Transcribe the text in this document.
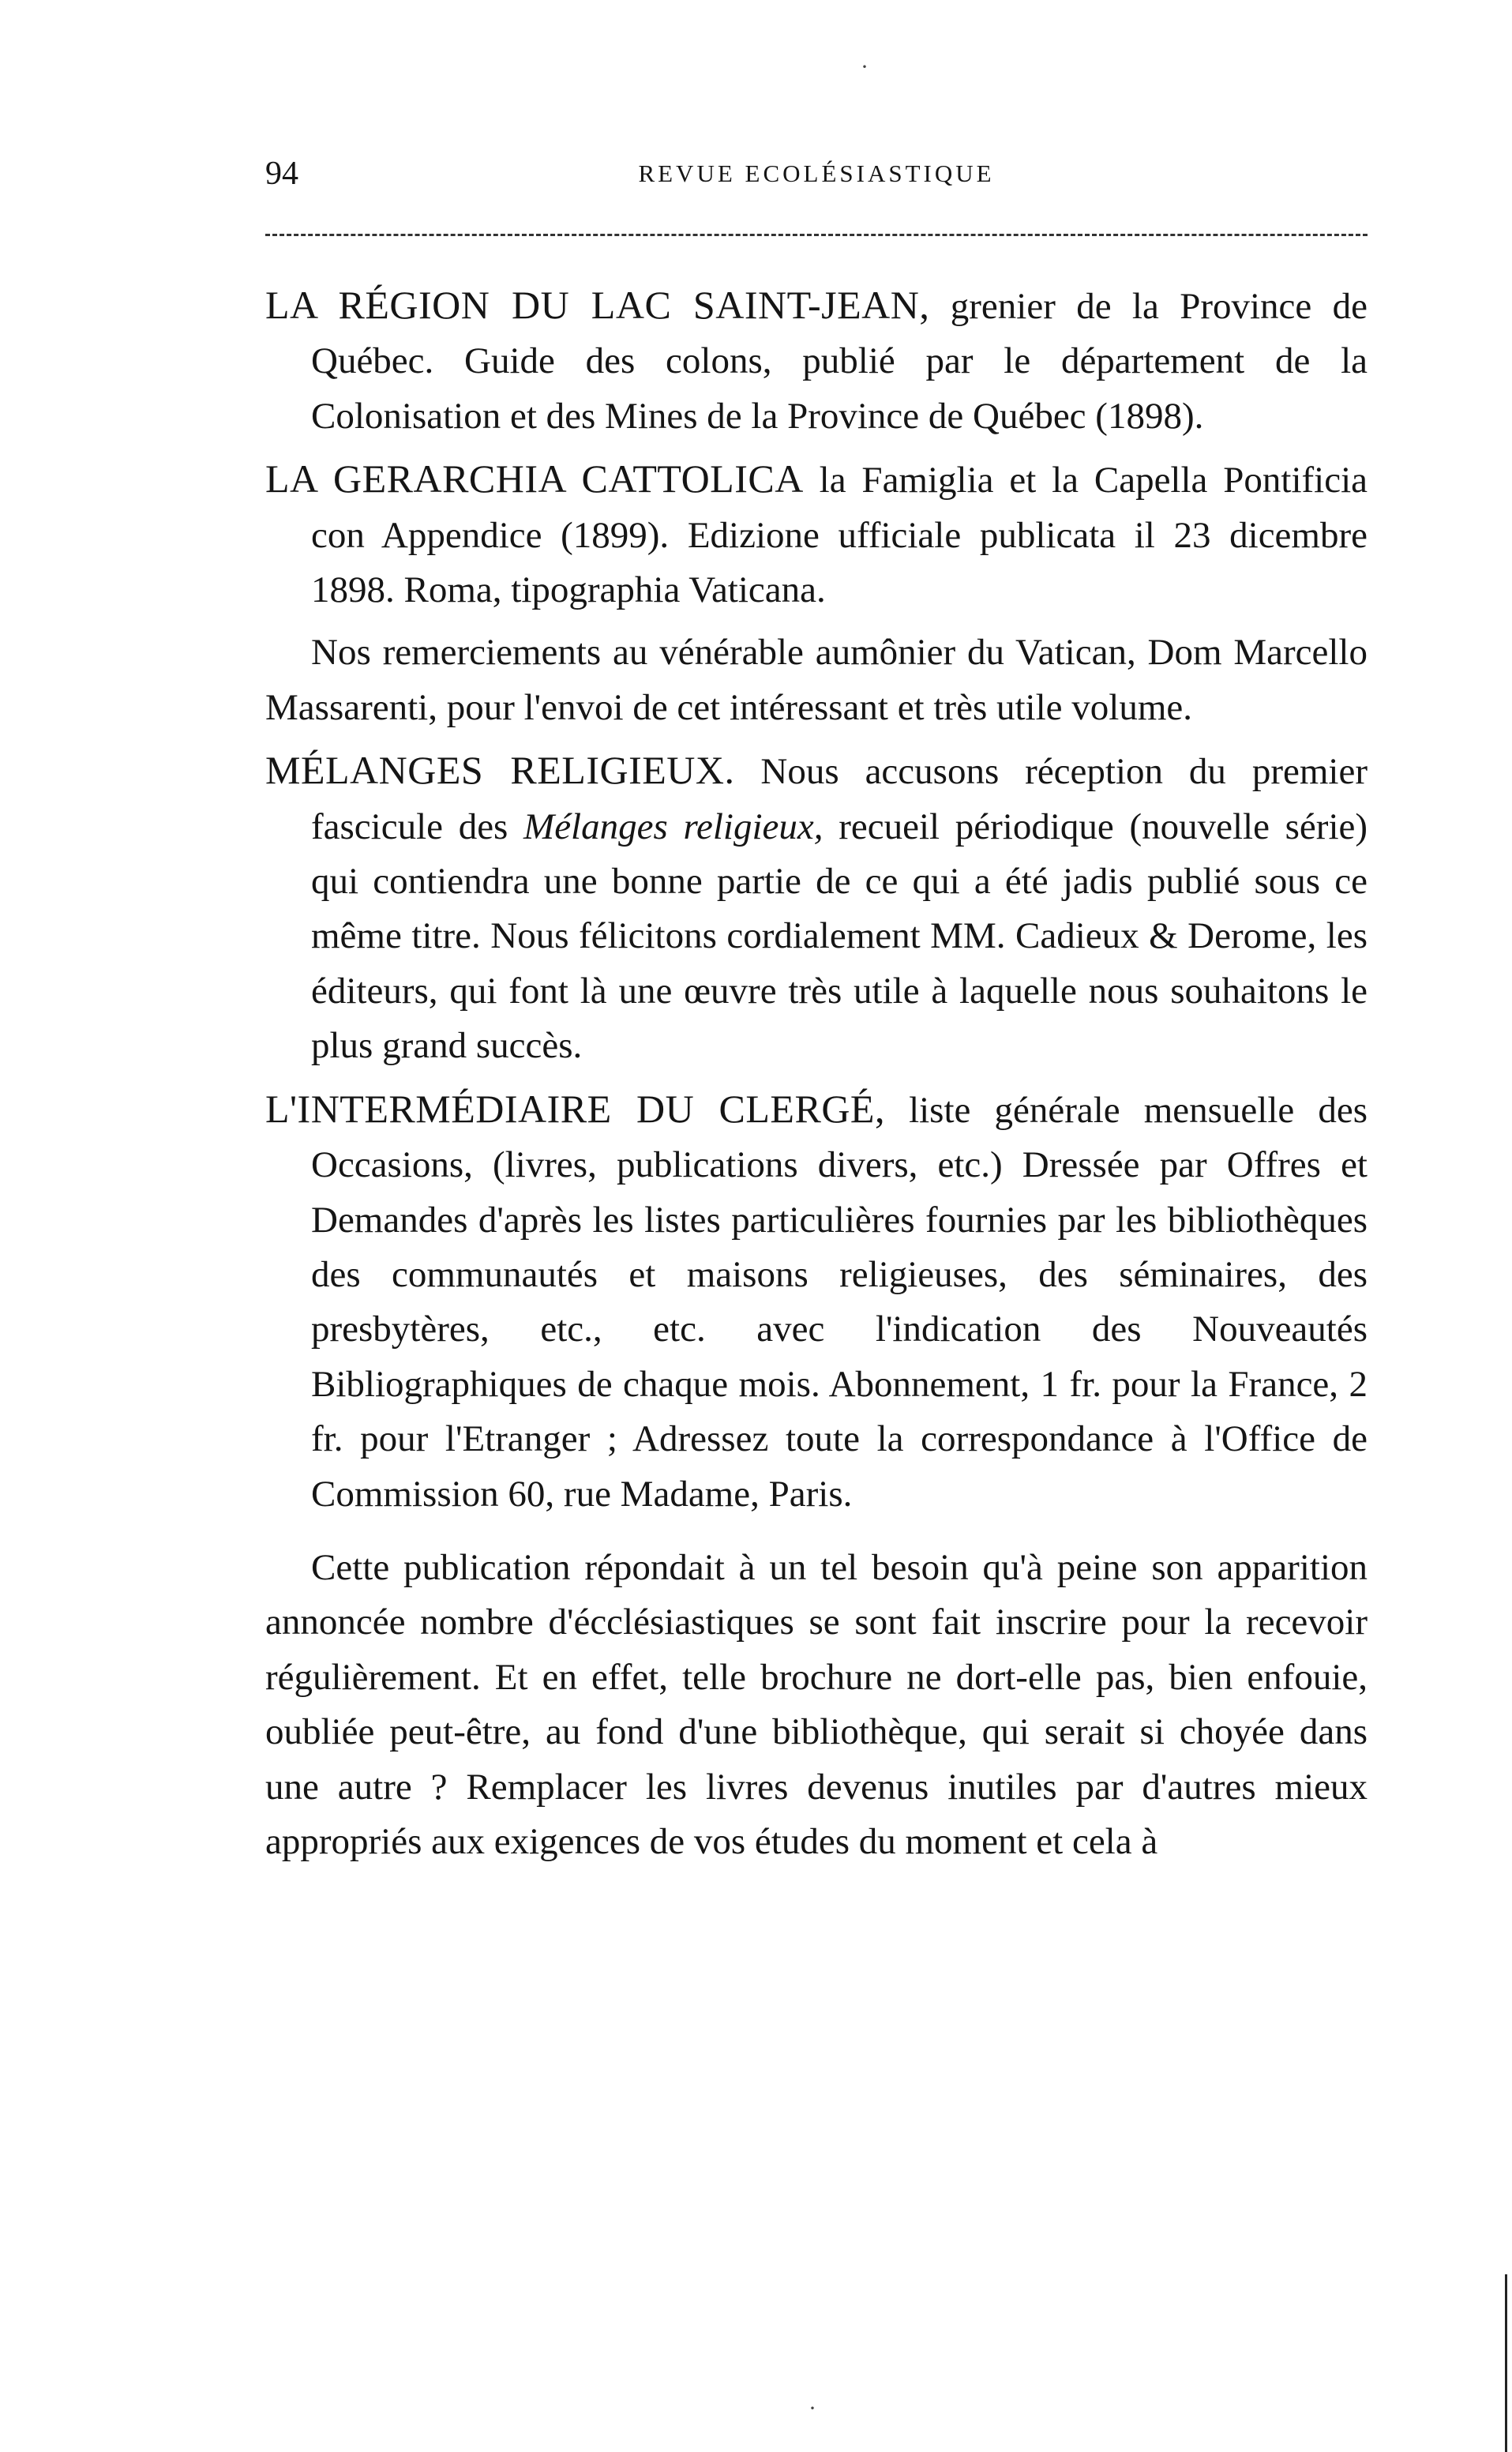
94	REVUE ECOLÉSIASTIQUE
·

LA RÉGION DU LAC SAINT-JEAN, grenier de la Province de Québec. Guide des colons, publié par le département de la Colonisation et des Mines de la Province de Québec (1898).

LA GERARCHIA CATTOLICA la Famiglia et la Capella Pontificia con Appendice (1899). Edizione ufficiale publicata il 23 dicembre 1898. Roma, tipographia Vaticana.

Nos remerciements au vénérable aumônier du Vatican, Dom Marcello Massarenti, pour l'envoi de cet intéressant et très utile volume.

MÉLANGES RELIGIEUX. Nous accusons réception du premier fascicule des Mélanges religieux, recueil périodique (nouvelle série) qui contiendra une bonne partie de ce qui a été jadis publié sous ce même titre. Nous félicitons cordialement MM. Cadieux & Derome, les éditeurs, qui font là une œuvre très utile à laquelle nous souhaitons le plus grand succès.

L'INTERMÉDIAIRE DU CLERGÉ, liste générale mensuelle des Occasions, (livres, publications divers, etc.) Dressée par Offres et Demandes d'après les listes particulières fournies par les bibliothèques des communautés et maisons religieuses, des séminaires, des presbytères, etc., etc. avec l'indication des Nouveautés Bibliographiques de chaque mois. Abonnement, 1 fr. pour la France, 2 fr. pour l'Etranger ; Adressez toute la correspondance à l'Office de Commission 60, rue Madame, Paris.

Cette publication répondait à un tel besoin qu'à peine son apparition annoncée nombre d'écclésiastiques se sont fait inscrire pour la recevoir régulièrement. Et en effet, telle brochure ne dort-elle pas, bien enfouie, oubliée peut-être, au fond d'une bibliothèque, qui serait si choyée dans une autre ? Remplacer les livres devenus inutiles par d'autres mieux appropriés aux exigences de vos études du moment et cela à

·
